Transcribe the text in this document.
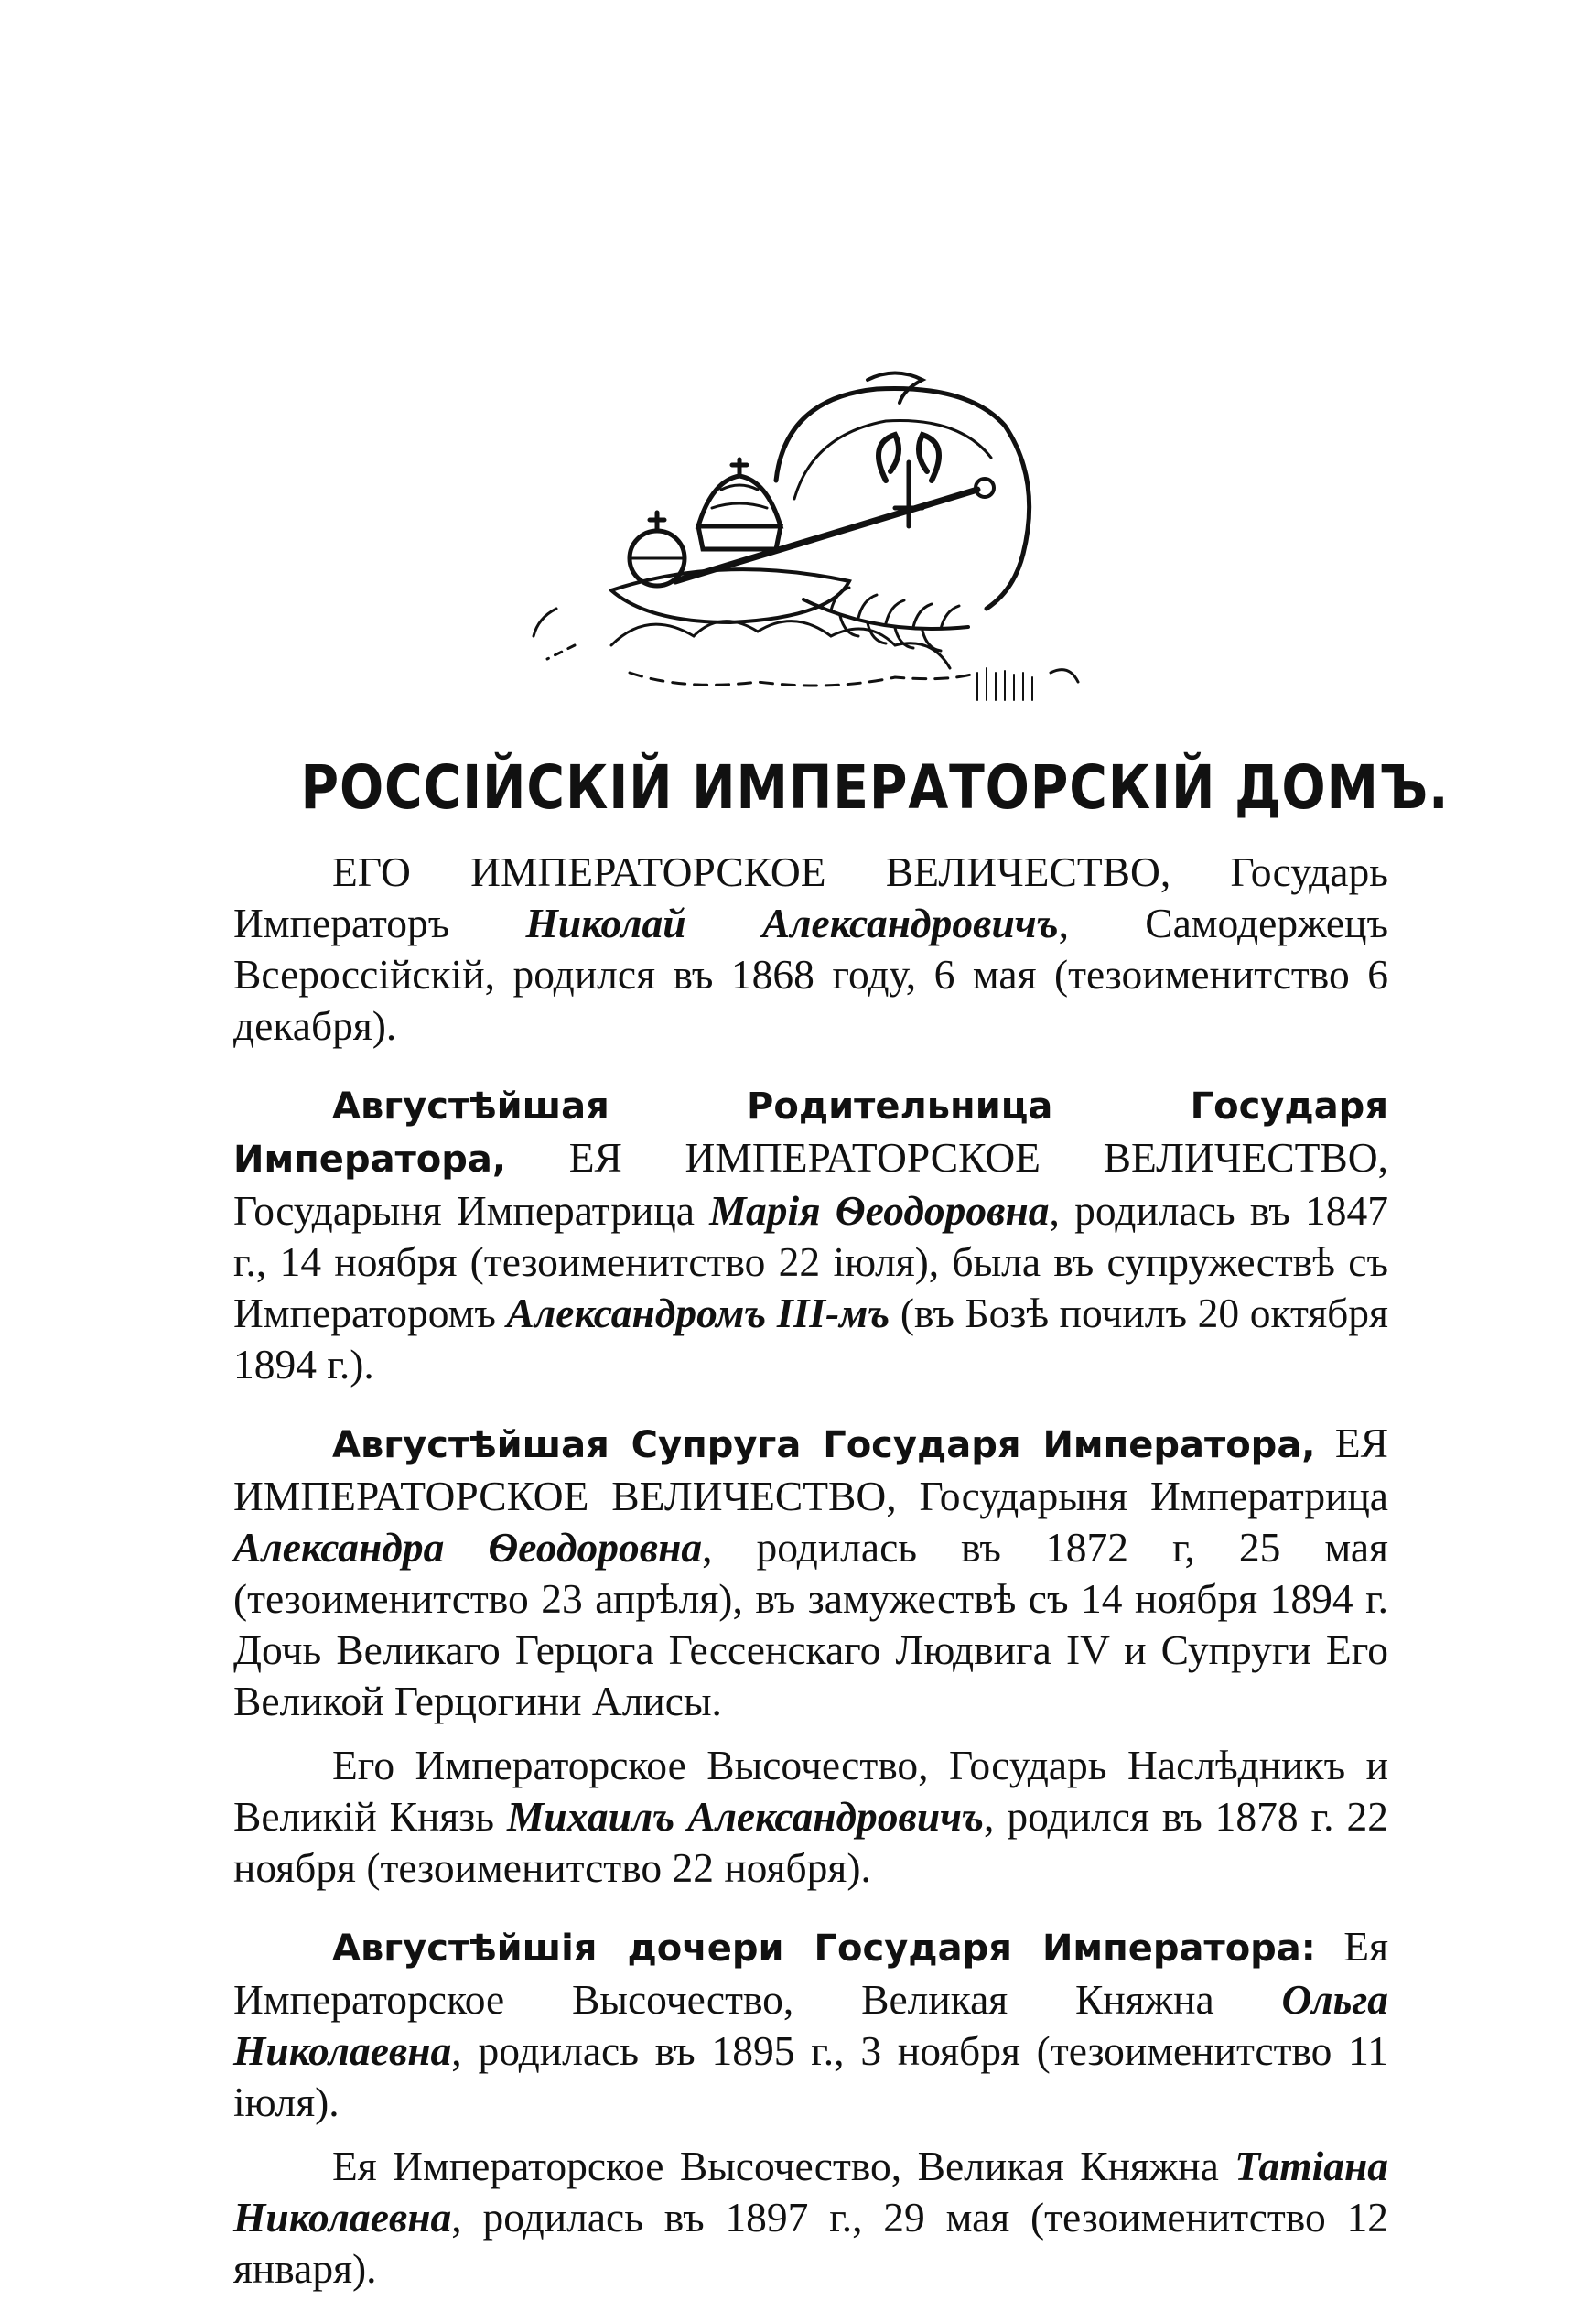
РОССІЙСКІЙ ИМПЕРАТОРСКІЙ ДОМЪ.

ЕГО ИМПЕРАТОРСКОЕ ВЕЛИЧЕСТВО, Государь Императоръ Николай Александровичъ, Самодержецъ Всероссійскій, родился въ 1868 году, 6 мая (тезоименитство 6 декабря).

Августѣйшая Родительница Государя Императора, ЕЯ ИМПЕРАТОРСКОЕ ВЕЛИЧЕСТВО, Государыня Императрица Марія Ѳеодоровна, родилась въ 1847 г., 14 ноября (тезоименитство 22 іюля), была въ супружествѣ съ Императоромъ Александромъ III-мъ (въ Бозѣ почилъ 20 октября 1894 г.).

Августѣйшая Супруга Государя Императора, ЕЯ ИМПЕРАТОРСКОЕ ВЕЛИЧЕСТВО, Государыня Императрица Александра Ѳеодоровна, родилась въ 1872 г, 25 мая (тезоименитство 23 апрѣля), въ замужествѣ съ 14 ноября 1894 г. Дочь Великаго Герцога Гессенскаго Людвига IV и Супруги Его Великой Герцогини Алисы.

Его Императорское Высочество, Государь Наслѣдникъ и Великій Князь Михаилъ Александровичъ, родился въ 1878 г. 22 ноября (тезоименитство 22 ноября).

Августѣйшія дочери Государя Императора: Ея Императорское Высочество, Великая Княжна Ольга Николаевна, родилась въ 1895 г., 3 ноября (тезоименитство 11 іюля).

Ея Императорское Высочество, Великая Княжна Татіана Николаевна, родилась въ 1897 г., 29 мая (тезоименитство 12 января).
